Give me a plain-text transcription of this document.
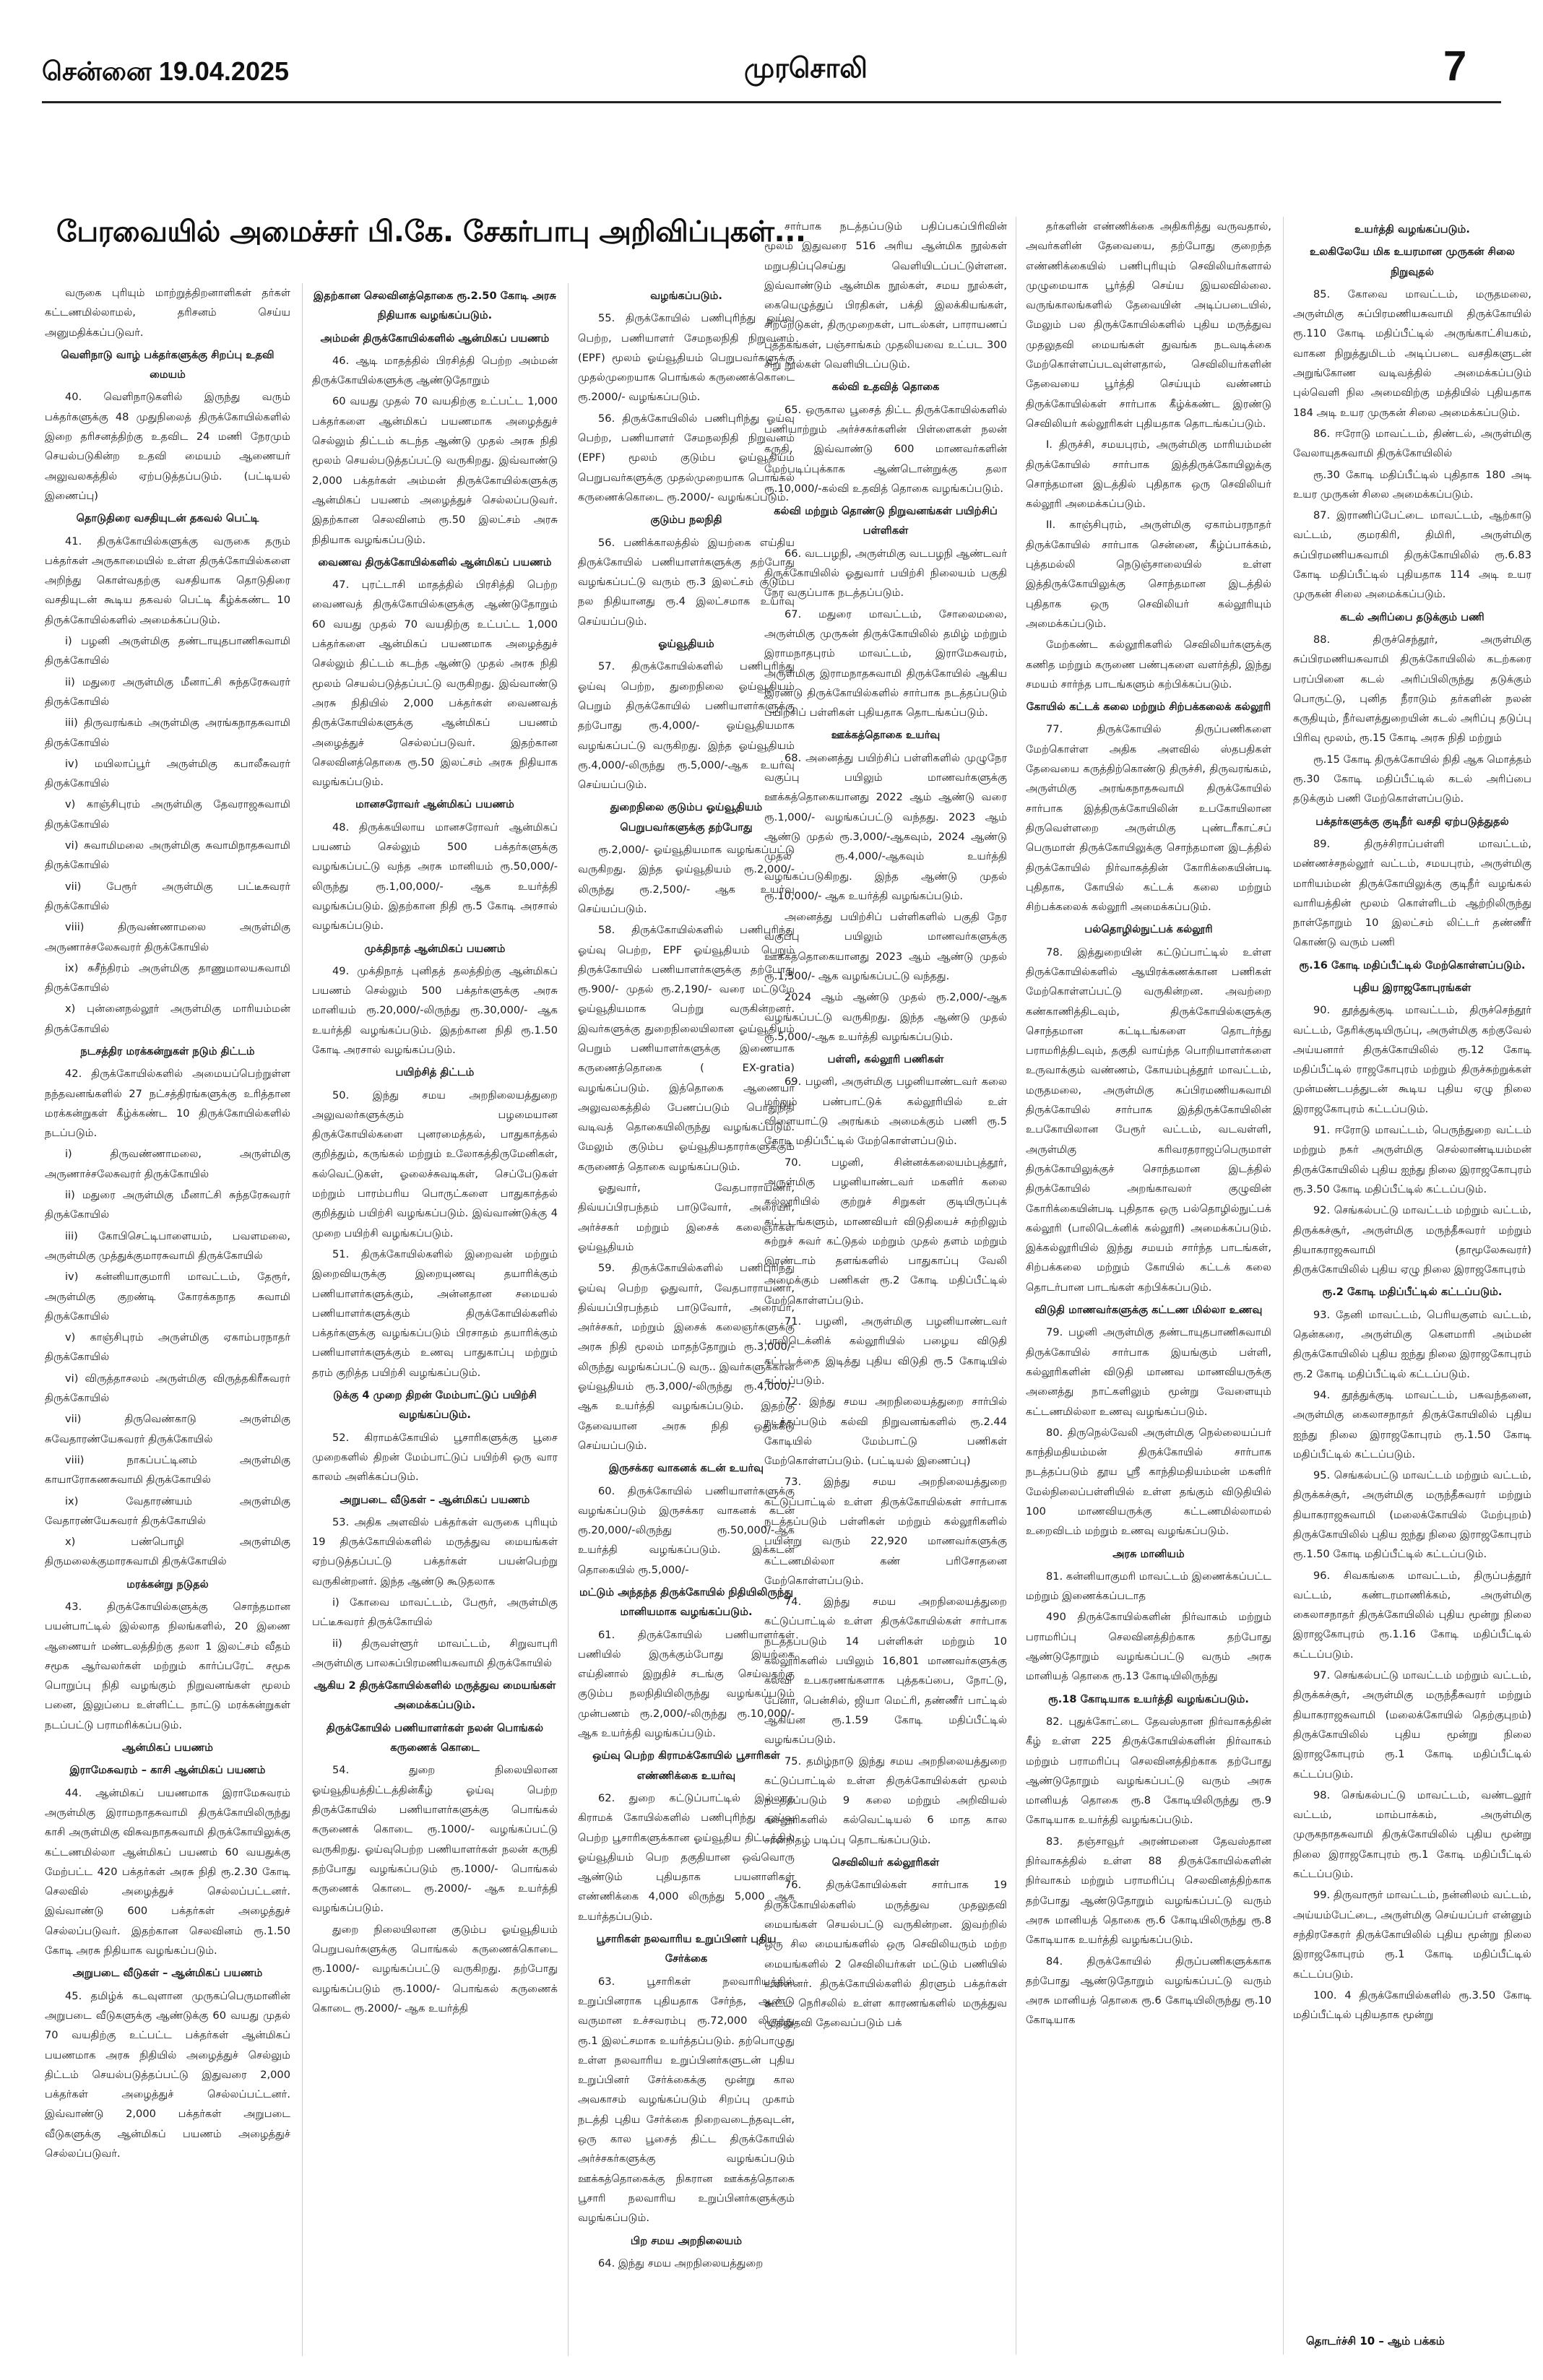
சென்னை 19.04.2025	முரசொலி	7
பேரவையில் அமைச்சர் பி.கே. சேகர்பாபு அறிவிப்புகள்...

வருகை புரியும் மாற்றுத்திறனாளிகள் தர்கள் கட்டணமில்லாமல், தரிசனம் செய்ய அனுமதிக்கப்படுவர்.

வெளிநாடு வாழ் பக்தர்களுக்கு சிறப்பு உதவி மையம்

40. வெளிநாடுகளில் இருந்து வரும் பக்தர்களுக்கு 48 முதுநிலைத் திருக்கோயில்களில் இறை தரிசனத்திற்கு உதவிட 24 மணி நேரமும் செயல்படுகின்ற உதவி மையம் ஆணையர் அலுவலகத்தில் ஏற்படுத்தப்படும். (பட்டியல் இணைப்பு)

தொடுதிரை வசதியுடன் தகவல் பெட்டி

41. திருக்கோயில்களுக்கு வருகை தரும் பக்தர்கள் அருகாமையில் உள்ள திருக்கோயில்களை அறிந்து கொள்வதற்கு வசதியாக தொடுதிரை வசதியுடன் கூடிய தகவல் பெட்டி கீழ்க்கண்ட 10 திருக்கோயில்களில் அமைக்கப்படும்.

i) பழனி அருள்மிகு தண்டாயுதபாணிசுவாமி திருக்கோயில்

ii) மதுரை அருள்மிகு மீனாட்சி சுந்தரேசுவரர் திருக்கோயில்

iii) திருவரங்கம் அருள்மிகு அரங்கநாதசுவாமி திருக்கோயில்

iv) மயிலாப்பூர் அருள்மிகு கபாலீசுவரர் திருக்கோயில்

v) காஞ்சிபுரம் அருள்மிகு தேவராஜசுவாமி திருக்கோயில்

vi) சுவாமிமலை அருள்மிகு சுவாமிநாதசுவாமி திருக்கோயில்

vii) பேரூர் அருள்மிகு பட்டீசுவரர் திருக்கோயில்

viii) திருவண்ணாமலை அருள்மிகு அருணாச்சலேசுவரர் திருக்கோயில்

ix) சுசீந்திரம் அருள்மிகு தாணுமாலயசுவாமி திருக்கோயில்

x) புன்னைநல்லூர் அருள்மிகு மாரியம்மன் திருக்கோயில்

நடசத்திர மரக்கன்றுகள் நடும் திட்டம்

42. திருக்கோயில்களில் அமையப்பெற்றுள்ள நந்தவனங்களில் 27 நட்சத்திரங்களுக்கு உரித்தான மரக்கன்றுகள் கீழ்க்கண்ட 10 திருக்கோயில்களில் நடப்படும்.

i) திருவண்ணாமலை, அருள்மிகு அருணாச்சலேசுவரர் திருக்கோயில்

ii) மதுரை அருள்மிகு மீனாட்சி சுந்தரேசுவரர் திருக்கோயில்

iii) கோபிசெட்டிபாளையம், பவளமலை, அருள்மிகு முத்துக்குமாரசுவாமி திருக்கோயில்

iv) கன்னியாகுமாரி மாவட்டம், தேரூர், அருள்மிகு குறண்டி கோரக்கநாத சுவாமி திருக்கோயில்

v) காஞ்சிபுரம் அருள்மிகு ஏகாம்பரநாதர் திருக்கோயில்

vi) விருத்தாசலம் அருள்மிகு விருத்தகிரீசுவரர் திருக்கோயில்

vii) திருவெண்காடு அருள்மிகு சுவேதாரண்யேசுவரர் திருக்கோயில்

viii) நாகப்பட்டினம் அருள்மிகு காயாரோகணசுவாமி திருக்கோயில்

ix) வேதாரண்யம் அருள்மிகு வேதாரண்யேசுவரர் திருக்கோயில்

x) பண்பொழி அருள்மிகு திருமலைக்குமாரசுவாமி திருக்கோயில்

மரக்கன்று நடுதல்

43. திருக்கோயில்களுக்கு சொந்தமான பயன்பாட்டில் இல்லாத நிலங்களில், 20 இணை ஆணையர் மண்டலத்திற்கு தலா 1 இலட்சம் வீதம் சமூக ஆர்வலர்கள் மற்றும் கார்ப்பரேட் சமூக பொறுப்பு நிதி வழங்கும் நிறுவனங்கள் மூலம் பனை, இலுப்பை உள்ளிட்ட நாட்டு மரக்கன்றுகள் நடப்பட்டு பராமரிக்கப்படும்.

ஆன்மிகப் பயணம்

இராமேசுவரம் – காசி ஆன்மிகப் பயணம்

44. ஆன்மிகப் பயணமாக இராமேசுவரம் அருள்மிகு இராமநாதசுவாமி திருக்கோயிலிருந்து காசி அருள்மிகு விசுவநாதசுவாமி திருக்கோயிலுக்கு கட்டணமில்லா ஆன்மிகப் பயணம் 60 வயதுக்கு மேற்பட்ட 420 பக்தர்கள் அரசு நிதி ரூ.2.30 கோடி செலவில் அழைத்துச் செல்லப்பட்டனர். இவ்வாண்டு 600 பக்தர்கள் அழைத்துச் செல்லப்படுவர். இதற்கான செலவினம் ரூ.1.50 கோடி அரசு நிதியாக வழங்கப்படும்.

அறுபடை வீடுகள் – ஆன்மிகப் பயணம்

45. தமிழ்க் கடவுளான முருகப்பெருமானின் அறுபடை வீடுகளுக்கு ஆண்டுக்கு 60 வயது முதல் 70 வயதிற்கு உட்பட்ட பக்தர்கள் ஆன்மிகப் பயணமாக அரசு நிதியில் அழைத்துச் செல்லும் திட்டம் செயல்படுத்தப்பட்டு இதுவரை 2,000 பக்தர்கள் அழைத்துச் செல்லப்பட்டனர். இவ்வாண்டு 2,000 பக்தர்கள் அறுபடை வீடுகளுக்கு ஆன்மிகப் பயணம் அழைத்துச் செல்லப்படுவர்.

இதற்கான செலவினத்தொகை ரூ.2.50 கோடி அரசு நிதியாக வழங்கப்படும்.

அம்மன் திருக்கோயில்களில் ஆன்மிகப் பயணம்

46. ஆடி மாதத்தில் பிரசித்தி பெற்ற அம்மன் திருக்கோயில்களுக்கு ஆண்டுதோறும்

60 வயது முதல் 70 வயதிற்கு உட்பட்ட 1,000 பக்தர்களை ஆன்மிகப் பயணமாக அழைத்துச் செல்லும் திட்டம் கடந்த ஆண்டு முதல் அரசு நிதி மூலம் செயல்படுத்தப்பட்டு வருகிறது. இவ்வாண்டு 2,000 பக்தர்கள் அம்மன் திருக்கோயில்களுக்கு ஆன்மிகப் பயணம் அழைத்துச் செல்லப்படுவர். இதற்கான செலவினம் ரூ.50 இலட்சம் அரசு நிதியாக வழங்கப்படும்.

வைணவ திருக்கோயில்களில் ஆன்மிகப் பயணம்

47. புரட்டாசி மாதத்தில் பிரசித்தி பெற்ற வைணவத் திருக்கோயில்களுக்கு ஆண்டுதோறும் 60 வயது முதல் 70 வயதிற்கு உட்பட்ட 1,000 பக்தர்களை ஆன்மிகப் பயணமாக அழைத்துச் செல்லும் திட்டம் கடந்த ஆண்டு முதல் அரசு நிதி மூலம் செயல்படுத்தப்பட்டு வருகிறது. இவ்வாண்டு அரசு நிதியில் 2,000 பக்தர்கள் வைணவத் திருக்கோயில்களுக்கு ஆன்மிகப் பயணம் அழைத்துச் செல்லப்படுவர். இதற்கான செலவினத்தொகை ரூ.50 இலட்சம் அரசு நிதியாக வழங்கப்படும்.

மானசரோவர் ஆன்மிகப் பயணம்

48. திருக்கயிலாய மானசரோவர் ஆன்மிகப் பயணம் செல்லும் 500 பக்தர்களுக்கு வழங்கப்பட்டு வந்த அரசு மானியம் ரூ.50,000/-லிருந்து ரூ.1,00,000/- ஆக உயர்த்தி வழங்கப்படும். இதற்கான நிதி ரூ.5 கோடி அரசால் வழங்கப்படும்.

முக்திநாத் ஆன்மிகப் பயணம்

49. முக்திநாத் புனிதத் தலத்திற்கு ஆன்மிகப் பயணம் செல்லும் 500 பக்தர்களுக்கு அரசு மானியம் ரூ.20,000/-லிருந்து ரூ.30,000/- ஆக உயர்த்தி வழங்கப்படும். இதற்கான நிதி ரூ.1.50 கோடி அரசால் வழங்கப்படும்.

பயிற்சித் திட்டம்

50. இந்து சமய அறநிலையத்துறை அலுவலர்களுக்கும் பழமையான திருக்கோயில்களை புனரமைத்தல், பாதுகாத்தல் குறித்தும், கருங்கல் மற்றும் உலோகத்திருமேனிகள், கல்வெட்டுகள், ஓலைச்சுவடிகள், செப்பேடுகள் மற்றும் பாரம்பரிய பொருட்களை பாதுகாத்தல் குறித்தும் பயிற்சி வழங்கப்படும். இவ்வாண்டுக்கு 4 முறை பயிற்சி வழங்கப்படும்.

51. திருக்கோயில்களில் இறைவன் மற்றும் இறைவியருக்கு இறையுணவு தயாரிக்கும் பணியாளர்களுக்கும், அன்னதான சமையல் பணியாளர்களுக்கும் திருக்கோயில்களில் பக்தர்களுக்கு வழங்கப்படும் பிரசாதம் தயாரிக்கும் பணியாளர்களுக்கும் உணவு பாதுகாப்பு மற்றும் தரம் குறித்த பயிற்சி வழங்கப்படும்.

டுக்கு 4 முறை திறன் மேம்பாட்டுப் பயிற்சி வழங்கப்படும்.

52. கிராமக்கோயில் பூசாரிகளுக்கு பூசை முறைகளில் திறன் மேம்பாட்டுப் பயிற்சி ஒரு வார காலம் அளிக்கப்படும்.

அறுபடை வீடுகள் – ஆன்மிகப் பயணம்

53. அதிக அளவில் பக்தர்கள் வருகை புரியும் 19 திருக்கோயில்களில் மருத்துவ மையங்கள் ஏற்படுத்தப்பட்டு பக்தர்கள் பயன்பெற்று வருகின்றனர். இந்த ஆண்டு கூடுதலாக

i) கோவை மாவட்டம், பேரூர், அருள்மிகு பட்டீசுவரர் திருக்கோயில்

ii) திருவள்ளூர் மாவட்டம், சிறுவாபுரி அருள்மிகு பாலசுப்பிரமணியசுவாமி திருக்கோயில்

ஆகிய 2 திருக்கோயில்களில் மருத்துவ மையங்கள் அமைக்கப்படும்.

திருக்கோயில் பணியாளர்கள் நலன் பொங்கல் கருணைக் கொடை

54. துறை நிலையிலான ஓய்வூதியத்திட்டத்தின்கீழ் ஓய்வு பெற்ற திருக்கோயில் பணியாளர்களுக்கு பொங்கல் கருணைக் கொடை ரூ.1000/- வழங்கப்பட்டு வருகிறது. ஓய்வுபெற்ற பணியாளர்கள் நலன் கருதி தற்போது வழங்கப்படும் ரூ.1000/- பொங்கல் கருணைக் கொடை ரூ.2000/- ஆக உயர்த்தி வழங்கப்படும்.

துறை நிலையிலான குடும்ப ஓய்வூதியம் பெறுபவர்களுக்கு பொங்கல் கருணைக்கொடை ரூ.1000/- வழங்கப்பட்டு வருகிறது. தற்போது வழங்கப்படும் ரூ.1000/- பொங்கல் கருணைக் கொடை ரூ.2000/- ஆக உயர்த்தி

வழங்கப்படும்.

55. திருக்கோயில் பணிபுரிந்து ஓய்வு பெற்ற, பணியாளர் சேமநலநிதி நிறுவனம் (EPF) மூலம் ஓய்வூதியம் பெறுபவர்களுக்கு முதல்முறையாக பொங்கல் கருணைக்கொடை ரூ.2000/- வழங்கப்படும்.

56. திருக்கோயிலில் பணிபுரிந்து ஓய்வு பெற்ற, பணியாளர் சேமநலநிதி நிறுவனம் (EPF) மூலம் குடும்ப ஓய்வூதியம் பெறுபவர்களுக்கு முதல்முறையாக பொங்கல் கருணைக்கொடை ரூ.2000/- வழங்கப்படும்.

குடும்ப நலநிதி

56. பணிக்காலத்தில் இயற்கை எய்திய திருக்கோயில் பணியாளர்களுக்கு தற்போது வழங்கப்பட்டு வரும் ரூ.3 இலட்சம் குடும்ப நல நிதியானது ரூ.4 இலட்சமாக உயர்வு செய்யப்படும்.

ஓய்வூதியம்

57. திருக்கோயில்களில் பணிபுரிந்து ஓய்வு பெற்ற, துறைநிலை ஓய்வூதியம் பெறும் திருக்கோயில் பணியாளர்களுக்கு தற்போது ரூ.4,000/- ஓய்வூதியமாக வழங்கப்பட்டு வருகிறது. இந்த ஓய்வூதியம் ரூ.4,000/-லிருந்து ரூ.5,000/-ஆக உயர்வு செய்யப்படும்.

துறைநிலை குடும்ப ஓய்வூதியம் பெறுபவர்களுக்கு தற்போது

ரூ.2,000/- ஓய்வூதியமாக வழங்கப்பட்டு வருகிறது. இந்த ஓய்வூதியம் ரூ.2,000/-லிருந்து ரூ.2,500/- ஆக உயர்வு செய்யப்படும்.

58. திருக்கோயில்களில் பணிபுரிந்து ஓய்வு பெற்ற, EPF ஓய்வூதியம் பெறும் திருக்கோயில் பணியாளர்களுக்கு தற்போது ரூ.900/- முதல் ரூ.2,190/- வரை மட்டுமே ஓய்வூதியமாக பெற்று வருகின்றனர். இவர்களுக்கு துறைநிலையிலான ஓய்வூதியம் பெறும் பணியாளர்களுக்கு இணையாக கருணைத்தொகை ( EX-gratia) வழங்கப்படும். இத்தொகை ஆணையர் அலுவலகத்தில் பேணப்படும் பொதுநிதி வடிவத் தொகையிலிருந்து வழங்கப்படும். மேலும் குடும்ப ஓய்வூதியதாரர்களுக்கும் கருணைத் தொகை வழங்கப்படும்.

ஓதுவார், வேதபாராயணர், திவ்யப்பிரபந்தம் பாடுவோர், அரையர், அர்ச்சகர் மற்றும் இசைக் கலைஞர்கள் ஓய்வூதியம்

59. திருக்கோயில்களில் பணிபுரிந்து ஓய்வு பெற்ற ஓதுவார், வேதபாராயணர், திவ்யப்பிரபந்தம் பாடுவோர், அரையர், அர்ச்சகர், மற்றும் இசைக் கலைஞர்களுக்கு அரசு நிதி மூலம் மாதந்தோறும் ரூ.3,000/-லிருந்து வழங்கப்பட்டு வரு.. இவர்களுக்கான ஓய்வூதியம் ரூ.3,000/-லிருந்து ரூ.4,000/-ஆக உயர்த்தி வழங்கப்படும். இதற்கு தேவையான அரசு நிதி ஒதுக்கீடு செய்யப்படும்.

இருசக்கர வாகனக் கடன் உயர்வு

60. திருக்கோயில் பணியாளர்களுக்கு வழங்கப்படும் இருசக்கர வாகனக் கடன் ரூ.20,000/-லிருந்து ரூ.50,000/-ஆக உயர்த்தி வழங்கப்படும். இக்கடன் தொகையில் ரூ.5,000/-

மட்டும் அந்தந்த திருக்கோயில் நிதியிலிருந்து மானியமாக வழங்கப்படும்.

61. திருக்கோயில் பணியாளர்கள் பணியில் இருக்கும்போது இயற்கை எய்தினால் இறுதிச் சடங்கு செய்வதற்கு குடும்ப நலநிதியிலிருந்து வழங்கப்படும் முன்பணம் ரூ.2,000/-லிருந்து ரூ.10,000/-ஆக உயர்த்தி வழங்கப்படும்.

ஒய்வு பெற்ற கிராமக்கோயில் பூசாரிகள் எண்ணிக்கை உயர்வு

62. துறை கட்டுப்பாட்டில் இல்லாத கிராமக் கோயில்களில் பணிபுரிந்து ஓய்வு பெற்ற பூசாரிகளுக்கான ஓய்வூதிய திட்டத்தில் ஓய்வூதியம் பெற தகுதியான ஒவ்வொரு ஆண்டும் புதியதாக பயனாளிகள் எண்ணிக்கை 4,000 லிருந்து 5,000 ஆக உயர்த்தப்படும்.

பூசாரிகள் நலவாரிய உறுப்பினர் புதிய சேர்க்கை

63. பூசாரிகள் நலவாரியத்தில் உறுப்பினராக புதியதாக சேர்ந்த, ஆண்டு வருமான உச்சவரம்பு ரூ.72,000 லிருந்து ரூ.1 இலட்சமாக உயர்த்தப்படும். தற்பொழுது உள்ள நலவாரிய உறுப்பினர்களுடன் புதிய உறுப்பினர் சேர்க்கைக்கு மூன்று கால அவகாசம் வழங்கப்படும் சிறப்பு முகாம் நடத்தி புதிய சேர்க்கை நிறைவடைந்தவுடன், ஒரு கால பூசைத் திட்ட திருக்கோயில் அர்ச்சகர்களுக்கு வழங்கப்படும் ஊக்கத்தொகைக்கு நிகரான ஊக்கத்தொகை பூசாரி நலவாரிய உறுப்பினர்களுக்கும் வழங்கப்படும்.

பிற சமய அறநிலையம்

64. இந்து சமய அறநிலையத்துறை

சார்பாக நடத்தப்படும் பதிப்பகப்பிரிவின் மூலம் இதுவரை 516 அரிய ஆன்மிக நூல்கள் மறுபதிப்புசெய்து வெளியிடப்பட்டுள்ளன. இவ்வாண்டும் ஆன்மிக நூல்கள், சமய நூல்கள், கையெழுத்துப் பிரதிகள், பக்தி இலக்கியங்கள், சிற்றேடுகள், திருமுறைகள், பாடல்கள், பாராயணப் புத்தகங்கள், பஞ்சாங்கம் முதலியவை உட்பட 300 சிறு நூல்கள் வெளியிடப்படும்.

கல்வி உதவித் தொகை

65. ஒருகால பூசைத் திட்ட திருக்கோயில்களில் பணியாற்றும் அர்ச்சகர்களின் பிள்ளைகள் நலன் கருதி, இவ்வாண்டு 600 மாணவர்களின் மேற்படிப்புக்காக ஆண்டொன்றுக்கு தலா ரூ.10,000/-கல்வி உதவித் தொகை வழங்கப்படும்.

கல்வி மற்றும் தொண்டு நிறுவனங்கள் பயிற்சிப் பள்ளிகள்

66. வடபழநி, அருள்மிகு வடபழநி ஆண்டவர் திருக்கோயிலில் ஓதுவார் பயிற்சி நிலையம் பகுதி நேர வகுப்பாக நடத்தப்படும்.

67. மதுரை மாவட்டம், சோலைமலை, அருள்மிகு முருகன் திருக்கோயிலில் தமிழ் மற்றும் இராமநாதபுரம் மாவட்டம், இராமேசுவரம், அருள்மிகு இராமநாதசுவாமி திருக்கோயில் ஆகிய இரண்டு திருக்கோயில்களில் சார்பாக நடத்தப்படும் பயிற்சிப் பள்ளிகள் புதியதாக தொடங்கப்படும்.

ஊக்கத்தொகை உயர்வு

68. அனைத்து பயிற்சிப் பள்ளிகளில் முழுநேர வகுப்பு பயிலும் மாணவர்களுக்கு ஊக்கத்தொகையானது 2022 ஆம் ஆண்டு வரை ரூ.1,000/- வழங்கப்பட்டு வந்தது. 2023 ஆம் ஆண்டு முதல் ரூ.3,000/-ஆகவும், 2024 ஆண்டு முதல் ரூ.4,000/-ஆகவும் உயர்த்தி வழங்கப்படுகிறது. இந்த ஆண்டு முதல் ரூ.10,000/- ஆக உயர்த்தி வழங்கப்படும்.

அனைத்து பயிற்சிப் பள்ளிகளில் பகுதி நேர வகுப்பு பயிலும் மாணவர்களுக்கு ஊக்கத்தொகையானது 2023 ஆம் ஆண்டு முதல் ரூ.1,500/- ஆக வழங்கப்பட்டு வந்தது.

2024 ஆம் ஆண்டு முதல் ரூ.2,000/-ஆக வழங்கப்பட்டு வருகிறது. இந்த ஆண்டு முதல் ரூ.5,000/-ஆக உயர்த்தி வழங்கப்படும்.

பள்ளி, கல்லூரி பணிகள்

69. பழனி, அருள்மிகு பழனியாண்டவர் கலை மற்றும் பண்பாட்டுக் கல்லூரியில் உள் விளையாட்டு அரங்கம் அமைக்கும் பணி ரூ.5 கோடி மதிப்பீட்டில் மேற்கொள்ளப்படும்.

70. பழனி, சின்னக்கலையம்புத்தூர், அருள்மிகு பழனியாண்டவர் மகளிர் கலை கல்லூரியில் குற்றுச் சிறுகள் குடியிருப்புக் கட்டடங்களும், மாணவியர் விடுதியைச் சுற்றிலும் சுற்றுச் சுவர் கட்டுதல் மற்றும் முதல் தளம் மற்றும் இரண்டாம் தளங்களில் பாதுகாப்பு வேலி அமைக்கும் பணிகள் ரூ.2 கோடி மதிப்பீட்டில் மேற்கொள்ளப்படும்.

71. பழனி, அருள்மிகு பழனியாண்டவர் பாலிடெக்னிக் கல்லூரியில் பழைய விடுதி கட்டடத்தை இடித்து புதிய விடுதி ரூ.5 கோடியில் கட்டப்படும்.

72. இந்து சமய அறநிலையத்துறை சார்பில் நடத்தப்படும் கல்வி நிறுவனங்களில் ரூ.2.44 கோடியில் மேம்பாட்டு பணிகள் மேற்கொள்ளப்படும். (பட்டியல் இணைப்பு)

73. இந்து சமய அறநிலையத்துறை கட்டுப்பாட்டில் உள்ள திருக்கோயில்கள் சார்பாக நடத்தப்படும் பள்ளிகள் மற்றும் கல்லூரிகளில் பயின்று வரும் 22,920 மாணவர்களுக்கு கட்டணமில்லா கண் பரிசோதனை மேற்கொள்ளப்படும்.

74. இந்து சமய அறநிலையத்துறை கட்டுப்பாட்டில் உள்ள திருக்கோயில்கள் சார்பாக நடத்தப்படும் 14 பள்ளிகள் மற்றும் 10 கல்லூரிகளில் பயிலும் 16,801 மாணவர்களுக்கு கல்வி உபகரணங்களாக புத்தகப்பை, நோட்டு, பேனா, பென்சில், ஜியா மெட்ரி, தண்ணீர் பாட்டில் ஆகியன ரூ.1.59 கோடி மதிப்பீட்டில் வழங்கப்படும்.

75. தமிழ்நாடு இந்து சமய அறநிலையத்துறை கட்டுப்பாட்டில் உள்ள திருக்கோயில்கள் மூலம் நடத்தப்படும் 9 கலை மற்றும் அறிவியல் கல்லூரிகளில் கல்வெட்டியல் 6 மாத கால சான்றிதழ் படிப்பு தொடங்கப்படும்.

செவிலியர் கல்லூரிகள்

76. திருக்கோயில்கள் சார்பாக 19 திருக்கோயில்களில் மருத்துவ முதலுதவி மையங்கள் செயல்பட்டு வருகின்றன. இவற்றில் ஒரு சில மையங்களில் ஒரு செவிலியரும் மற்ற மையங்களில் 2 செவிலியர்கள் மட்டும் பணியில் உள்ளனர். திருக்கோயில்களில் திரளும் பக்தர்கள் கூட்ட நெரிசலில் உள்ள காரணங்களில் மருத்துவ முதலுதவி தேவைப்படும் பக்

தர்களின் எண்ணிக்கை அதிகரித்து வருவதால், அவர்களின் தேவையை, தற்போது குறைந்த எண்ணிக்கையில் பணிபுரியும் செவிலியர்களால் முழுமையாக பூர்த்தி செய்ய இயலவில்லை. வருங்காலங்களில் தேவையின் அடிப்படையில், மேலும் பல திருக்கோயில்களில் புதிய மருத்துவ முதலுதவி மையங்கள் துவங்க நடவடிக்கை மேற்கொள்ளப்படவுள்ளதால், செவிலியர்களின் தேவையை பூர்த்தி செய்யும் வண்ணம் திருக்கோயில்கள் சார்பாக கீழ்க்கண்ட இரண்டு செவிலியர் கல்லூரிகள் புதியதாக தொடங்கப்படும்.

I. திருச்சி, சமயபுரம், அருள்மிகு மாரியம்மன் திருக்கோயில் சார்பாக இத்திருக்கோயிலுக்கு சொந்தமான இடத்தில் புதிதாக ஒரு செவிலியர் கல்லூரி அமைக்கப்படும்.

II. காஞ்சிபுரம், அருள்மிகு ஏகாம்பரநாதர் திருக்கோயில் சார்பாக சென்னை, கீழ்ப்பாக்கம், புத்தமல்லி நெடுஞ்சாலையில் உள்ள இத்திருக்கோயிலுக்கு சொந்தமான இடத்தில் புதிதாக ஒரு செவிலியர் கல்லூரியும் அமைக்கப்படும்.

மேற்கண்ட கல்லூரிகளில் செவிலியர்களுக்கு கணித மற்றும் கருணை பண்புகளை வளர்த்தி, இந்து சமயம் சார்ந்த பாடங்களும் கற்பிக்கப்படும்.

கோயில் கட்டக் கலை மற்றும் சிற்பக்கலைக் கல்லூரி

77. திருக்கோயில் திருப்பணிகளை மேற்கொள்ள அதிக அளவில் ஸ்தபதிகள் தேவையை கருத்திற்கொண்டு திருச்சி, திருவரங்கம், அருள்மிகு அரங்கநாதசுவாமி திருக்கோயில் சார்பாக இத்திருக்கோயிலின் உபகோயிலான திருவெள்ளறை அருள்மிகு புண்டரீகாட்சப் பெருமாள் திருக்கோயிலுக்கு சொந்தமான இடத்தில் திருக்கோயில் நிர்வாகத்தின் கோரிக்கையின்படி புதிதாக, கோயில் கட்டக் கலை மற்றும் சிற்பக்கலைக் கல்லூரி அமைக்கப்படும்.

பல்தொழில்நுட்பக் கல்லூரி

78. இத்துறையின் கட்டுப்பாட்டில் உள்ள திருக்கோயில்களில் ஆயிரக்கணக்கான பணிகள் மேற்கொள்ளப்பட்டு வருகின்றன. அவற்றை கண்காணித்திடவும், திருக்கோயில்களுக்கு சொந்தமான கட்டிடங்களை தொடர்ந்து பராமரித்திடவும், தகுதி வாய்ந்த பொறியாளர்களை உருவாக்கும் வண்ணம், கோயம்புத்தூர் மாவட்டம், மருதமலை, அருள்மிகு சுப்பிரமணியசுவாமி திருக்கோயில் சார்பாக இத்திருக்கோயிலின் உபகோயிலான பேரூர் வட்டம், வடவள்ளி, அருள்மிகு கரிவரதராஜப்பெருமாள் திருக்கோயிலுக்குச் சொந்தமான இடத்தில் திருக்கோயில் அறங்காவலர் குழுவின் கோரிக்கையின்படி புதிதாக ஒரு பல்தொழில்நுட்பக் கல்லூரி (பாலிடெக்னிக் கல்லூரி) அமைக்கப்படும். இக்கல்லூரியில் இந்து சமயம் சார்ந்த பாடங்கள், சிற்பக்கலை மற்றும் கோயில் கட்டக் கலை தொடர்பான பாடங்கள் கற்பிக்கப்படும்.

விடுதி மாணவர்களுக்கு கட்டண மில்லா உணவு

79. பழனி அருள்மிகு தண்டாயுதபாணிசுவாமி திருக்கோயில் சார்பாக இயங்கும் பள்ளி, கல்லூரிகளின் விடுதி மாணவ மாணவியருக்கு அனைத்து நாட்களிலும் மூன்று வேளையும் கட்டணமில்லா உணவு வழங்கப்படும்.

80. திருநெல்வேலி அருள்மிகு நெல்லையப்பர் காந்திமதியம்மன் திருக்கோயில் சார்பாக நடத்தப்படும் தூய ஸ்ரீ காந்திமதியம்மன் மகளிர் மேல்நிலைப்பள்ளியில் உள்ள தங்கும் விடுதியில் 100 மாணவியருக்கு கட்டணமில்லாமல் உறைவிடம் மற்றும் உணவு வழங்கப்படும்.

அரசு மானியம்

81. கன்னியாகுமரி மாவட்டம் இணைக்கப்பட்ட மற்றும் இணைக்கப்படாத

490 திருக்கோயில்களின் நிர்வாகம் மற்றும் பராமரிப்பு செலவினத்திற்காக தற்போது ஆண்டுதோறும் வழங்கப்பட்டு வரும் அரசு மானியத் தொகை ரூ.13 கோடியிலிருந்து

ரூ.18 கோடியாக உயர்த்தி வழங்கப்படும்.

82. புதுக்கோட்டை தேவஸ்தான நிர்வாகத்தின் கீழ் உள்ள 225 திருக்கோயில்களின் நிர்வாகம் மற்றும் பராமரிப்பு செலவினத்திற்காக தற்போது ஆண்டுதோறும் வழங்கப்பட்டு வரும் அரசு மானியத் தொகை ரூ.8 கோடியிலிருந்து ரூ.9 கோடியாக உயர்த்தி வழங்கப்படும்.

83. தஞ்சாவூர் அரண்மனை தேவஸ்தான நிர்வாகத்தில் உள்ள 88 திருக்கோயில்களின் நிர்வாகம் மற்றும் பராமரிப்பு செலவினத்திற்காக தற்போது ஆண்டுதோறும் வழங்கப்பட்டு வரும் அரசு மானியத் தொகை ரூ.6 கோடியிலிருந்து ரூ.8 கோடியாக உயர்த்தி வழங்கப்படும்.

84. திருக்கோயில் திருப்பணிகளுக்காக தற்போது ஆண்டுதோறும் வழங்கப்பட்டு வரும் அரசு மானியத் தொகை ரூ.6 கோடியிலிருந்து ரூ.10 கோடியாக

உயர்த்தி வழங்கப்படும்.

உலகிலேயே மிக உயரமான முருகன் சிலை நிறுவுதல்

85. கோவை மாவட்டம், மருதமலை, அருள்மிகு சுப்பிரமணியசுவாமி திருக்கோயில் ரூ.110 கோடி மதிப்பீட்டில் அருங்காட்சியகம், வாகன நிறுத்துமிடம் அடிப்படை வசதிகளுடன் அறுங்கோண வடிவத்தில் அமைக்கப்படும் புல்வெளி நில அமைவிற்கு மத்தியில் புதியதாக 184 அடி உயர முருகன் சிலை அமைக்கப்படும்.

86. ஈரோடு மாவட்டம், திண்டல், அருள்மிகு வேலாயுதசுவாமி திருக்கோயிலில்

ரூ.30 கோடி மதிப்பீட்டில் புதிதாக 180 அடி உயர முருகன் சிலை அமைக்கப்படும்.

87. இராணிப்பேட்டை மாவட்டம், ஆற்காடு வட்டம், குமரகிரி, திமிரி, அருள்மிகு சுப்பிரமணியசுவாமி திருக்கோயிலில் ரூ.6.83 கோடி மதிப்பீட்டில் புதியதாக 114 அடி உயர முருகன் சிலை அமைக்கப்படும்.

கடல் அரிப்பை தடுக்கும் பணி

88. திருச்செந்தூர், அருள்மிகு சுப்பிரமணியசுவாமி திருக்கோயிலில் கடற்கரை பரப்பினை கடல் அரிப்பிலிருந்து தடுக்கும் பொருட்டு, புனித நீராடும் தர்களின் நலன் கருதியும், நீர்வளத்துறையின் கடல் அரிப்பு தடுப்பு பிரிவு மூலம், ரூ.15 கோடி அரசு நிதி மற்றும்

ரூ.15 கோடி திருக்கோயில் நிதி ஆக மொத்தம் ரூ.30 கோடி மதிப்பீட்டில் கடல் அரிப்பை தடுக்கும் பணி மேற்கொள்ளப்படும்.

பக்தர்களுக்கு குடிநீர் வசதி ஏற்படுத்துதல்

89. திருச்சிராப்பள்ளி மாவட்டம், மண்ணச்சநல்லூர் வட்டம், சமயபுரம், அருள்மிகு மாரியம்மன் திருக்கோயிலுக்கு குடிநீர் வழங்கல் வாரியத்தின் மூலம் கொள்ளிடம் ஆற்றிலிருந்து நாள்தோறும் 10 இலட்சம் லிட்டர் தண்ணீர் கொண்டு வரும் பணி

ரூ.16 கோடி மதிப்பீட்டில் மேற்கொள்ளப்படும்.

புதிய இராஜகோபுரங்கள்

90. தூத்துக்குடி மாவட்டம், திருச்செந்தூர் வட்டம், தேரிக்குடியிருப்பு, அருள்மிகு கற்குவேல் அய்யனார் திருக்கோயிலில் ரூ.12 கோடி மதிப்பீட்டில் ராஜகோபுரம் மற்றும் திருச்சுற்றுக்கள் முன்மண்டபத்துடன் கூடிய புதிய ஏழு நிலை இராஜகோபுரம் கட்டப்படும்.

91. ஈரோடு மாவட்டம், பெருந்துறை வட்டம் மற்றும் நகர் அருள்மிகு செல்லாண்டியம்மன் திருக்கோயிலில் புதிய ஐந்து நிலை இராஜகோபுரம் ரூ.3.50 கோடி மதிப்பீட்டில் கட்டப்படும்.

92. செங்கல்பட்டு மாவட்டம் மற்றும் வட்டம், திருக்கச்சூர், அருள்மிகு மருந்தீசுவரர் மற்றும் தியாகராஜசுவாமி (தாமூலேசுவரர்) திருக்கோயிலில் புதிய ஏழு நிலை இராஜகோபுரம்

ரூ.2 கோடி மதிப்பீட்டில் கட்டப்படும்.

93. தேனி மாவட்டம், பெரியகுளம் வட்டம், தென்கரை, அருள்மிகு கௌமாரி அம்மன் திருக்கோயிலில் புதிய ஐந்து நிலை இராஜகோபுரம் ரூ.2 கோடி மதிப்பீட்டில் கட்டப்படும்.

94. தூத்துக்குடி மாவட்டம், பசுவந்தனை, அருள்மிகு கைலாசநாதர் திருக்கோயிலில் புதிய ஐந்து நிலை இராஜகோபுரம் ரூ.1.50 கோடி மதிப்பீட்டில் கட்டப்படும்.

95. செங்கல்பட்டு மாவட்டம் மற்றும் வட்டம், திருக்கச்சூர், அருள்மிகு மருந்தீசுவரர் மற்றும் தியாகராஜசுவாமி (மலைக்கோயில் மேற்புறம்) திருக்கோயிலில் புதிய ஐந்து நிலை இராஜகோபுரம் ரூ.1.50 கோடி மதிப்பீட்டில் கட்டப்படும்.

96. சிவகங்கை மாவட்டம், திருப்பத்தூர் வட்டம், கண்டரமாணிக்கம், அருள்மிகு கைலாசநாதர் திருக்கோயிலில் புதிய மூன்று நிலை இராஜகோபுரம் ரூ.1.16 கோடி மதிப்பீட்டில் கட்டப்படும்.

97. செங்கல்பட்டு மாவட்டம் மற்றும் வட்டம், திருக்கச்சூர், அருள்மிகு மருந்தீசுவரர் மற்றும் தியாகராஜசுவாமி (மலைக்கோயில் தெற்குபுறம்) திருக்கோயிலில் புதிய மூன்று நிலை இராஜகோபுரம் ரூ.1 கோடி மதிப்பீட்டில் கட்டப்படும்.

98. செங்கல்பட்டு மாவட்டம், வண்டலூர் வட்டம், மாம்பாக்கம், அருள்மிகு முருகநாதசுவாமி திருக்கோயிலில் புதிய மூன்று நிலை இராஜகோபுரம் ரூ.1 கோடி மதிப்பீட்டில் கட்டப்படும்.

99. திருவாரூர் மாவட்டம், நன்னிலம் வட்டம், அய்யம்பேட்டை, அருள்மிகு செய்யப்பர் என்னும் சந்திரசேகரர் திருக்கோயிலில் புதிய மூன்று நிலை இராஜகோபுரம் ரூ.1 கோடி மதிப்பீட்டில் கட்டப்படும்.

100. 4 திருக்கோயில்களில் ரூ.3.50 கோடி மதிப்பீட்டில் புதியதாக மூன்று

தொடர்ச்சி 10 – ஆம் பக்கம்
